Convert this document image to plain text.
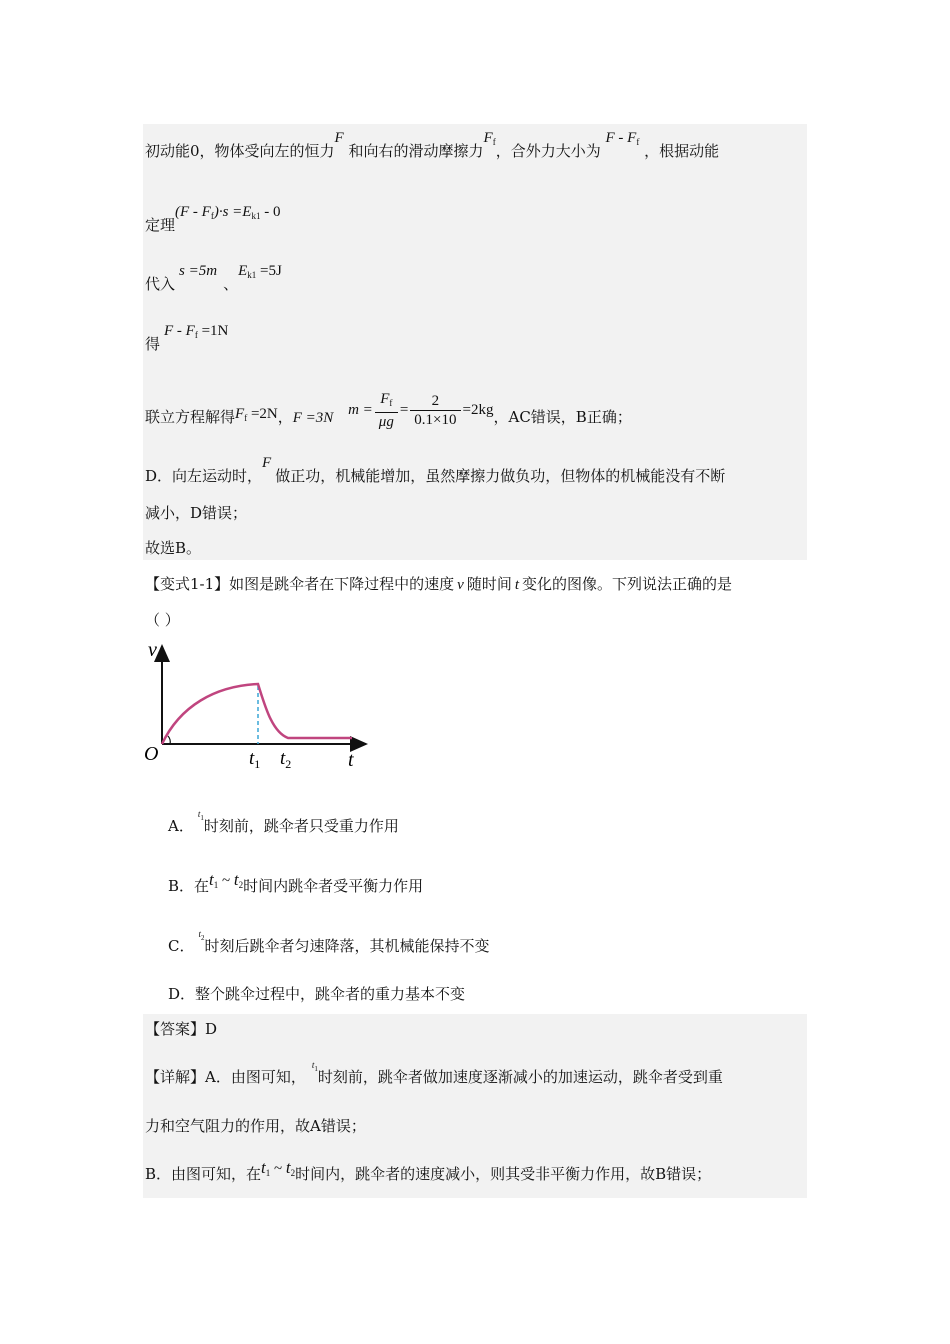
初动能0，物体受向左的恒力F 和向右的滑动摩擦力$F_f$，合外力大小为 F - $F_f$ ，根据动能
定理$(F - F_f)\cdot s =E_{k1} - 0$
代入s =5m、$E_{k1} =5J$
得$F - F_f =1N$
联立方程解得$F_f =2N$，F =3N $m = \frac{F_f}{\mu g} = \frac{2}{0.1\times 10} =2kg$，AC错误，B正确；
D．向左运动时，F做正功，机械能增加，虽然摩擦力做负功，但物体的机械能没有不断
减小，D错误；
故选B。
【变式1-1】如图是跳伞者在下降过程中的速度 v 随时间 t 变化的图像。下列说法正确的是
（ ）
v
t
O	$t_1$ $t_2$
A．$t_1$时刻前，跳伞者只受重力作用
B．在$t_1$ ~ $t_2$时间内跳伞者受平衡力作用
C．$t_2$时刻后跳伞者匀速降落，其机械能保持不变
D．整个跳伞过程中，跳伞者的重力基本不变
【答案】D
【详解】A．由图可知，$t_1$时刻前，跳伞者做加速度逐渐减小的加速运动，跳伞者受到重
力和空气阻力的作用，故A错误；
B．由图可知，在$t_1$ ~ $t_2$时间内，跳伞者的速度减小，则其受非平衡力作用，故B错误；
